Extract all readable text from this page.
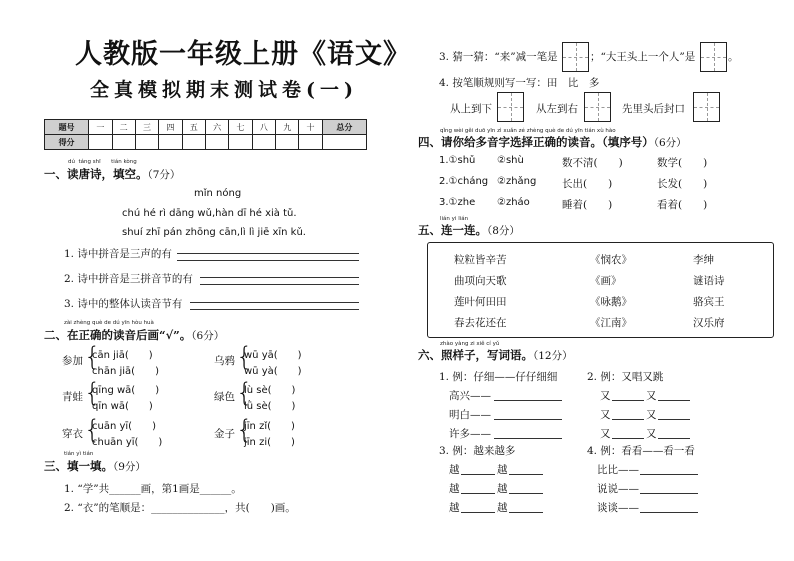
人教版一年级上册《语文》
全真模拟期末测试卷(一)
题号	一	二	三	四	五	六	七	八	九	十	总分
得分											
dú táng shī tián kòng
一、读唐诗，填空。（7分）
mǐn nóng
chú hé rì dāng wǔ,hàn dī hé xià tǔ.
shuí zhī pán zhōng cān,lì lì jiē xīn kǔ.
1. 诗中拼音是三声的有
2. 诗中拼音是三拼音节的有
3. 诗中的整体认读音节有
zài zhèng què de dú yīn hòu huà
二、在正确的读音后画“√”。（6分）
参加 {
cān jiā(　　)
chān jiā(　　)
青蛙 {
qīng wā(　　)
qīn wā(　　)
穿衣 {
cuān yī(　　)
chuān yī(　　)
乌鸦 {
wū yā(　　)
wū yà(　　)
绿色 {
lù sè(　　)
lǜ sè(　　)
金子 {
jīn zǐ(　　)
jīn zi(　　)
tián yì tián
三、填一填。（9分）
1. “学”共______画，第1画是______。
2. “衣”的笔顺是：______________，共(　　)画。
3. 猜一猜：“来”减一笔是	；“大王头上一个人”是	。
4. 按笔顺规则写一写：田　比　多
从上到下	从左到右	先里头后封口
qǐng wèi gěi duō yīn zì xuǎn zé zhèng què de dú yīn tián xù hào
四、请你给多音字选择正确的读音。（填序号）（6分）
1.①shǔ ②shù	数不清(　　)	数学(　　)
2.①cháng ②zhǎng 长出(　　)	长发(　　)
3.①zhe ②zháo	睡着(　　)	看着(　　)
lián yi lián
五、连一连。（8分）
粒粒皆辛苦
曲项向天歌
莲叶何田田
春去花还在
《悯农》
《画》
《咏鹅》
《江南》
李绅
谜语诗
骆宾王
汉乐府
zhào yàng zi xiě cí yǔ
六、照样子，写词语。（12分）
1. 例：仔细——仔仔细细	2. 例：又唱又跳
3. 例：越来越多	4. 例：看看——看一看
高兴——	又	又
明白——	又	又
许多——	又	又
越	越	比比——
越	越	说说——
越	越	谈谈——
